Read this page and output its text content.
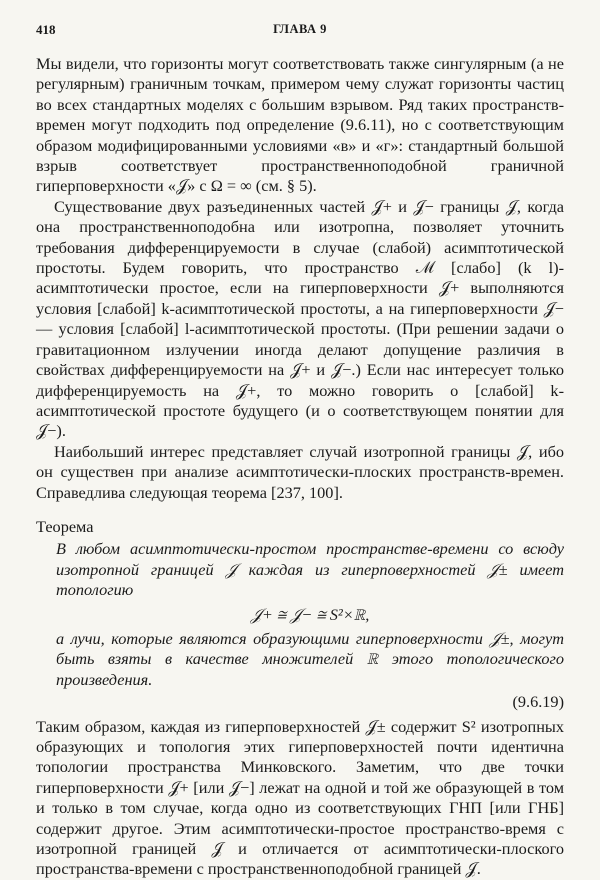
418	ГЛАВА 9

Мы видели, что горизонты могут соответствовать также сингулярным (а не регулярным) граничным точкам, примером чему служат горизонты частиц во всех стандартных моделях с большим взрывом. Ряд таких пространств-времен могут подходить под определение (9.6.11), но с соответствующим образом модифицированными условиями «в» и «г»: стандартный большой взрыв соответствует пространственноподобной граничной гиперповерхности «𝒥» с Ω = ∞ (см. § 5).

Существование двух разъединенных частей 𝒥+ и 𝒥− границы 𝒥, когда она пространственноподобна или изотропна, позволяет уточнить требования дифференцируемости в случае (слабой) асимптотической простоты. Будем говорить, что пространство ℳ [слабо] (k l)-асимптотически простое, если на гиперповерхности 𝒥+ выполняются условия [слабой] k-асимптотической простоты, а на гиперповерхности 𝒥− — условия [слабой] l-асимптотической простоты. (При решении задачи о гравитационном излучении иногда делают допущение различия в свойствах дифференцируемости на 𝒥+ и 𝒥−.) Если нас интересует только дифференцируемость на 𝒥+, то можно говорить о [слабой] k-асимптотической простоте будущего (и о соответствующем понятии для 𝒥−).

Наибольший интерес представляет случай изотропной границы 𝒥, ибо он существен при анализе асимптотически-плоских пространств-времен. Справедлива следующая теорема [237, 100].

Теорема

В любом асимптотически-простом пространстве-времени со всюду изотропной границей 𝒥 каждая из гиперповерхностей 𝒥± имеет топологию

𝒥+ ≅ 𝒥− ≅ S²×ℝ,

а лучи, которые являются образующими гиперповерхности 𝒥±, могут быть взяты в качестве множителей ℝ этого топологического произведения.

(9.6.19)

Таким образом, каждая из гиперповерхностей 𝒥± содержит S² изотропных образующих и топология этих гиперповерхностей почти идентична топологии пространства Минковского. Заметим, что две точки гиперповерхности 𝒥+ [или 𝒥−] лежат на одной и той же образующей в том и только в том случае, когда одно из соответствующих ГНП [или ГНБ] содержит другое. Этим асимптотически-простое пространство-время с изотропной границей 𝒥 и отличается от асимптотически-плоского пространства-времени с пространственноподобной границей 𝒥.
